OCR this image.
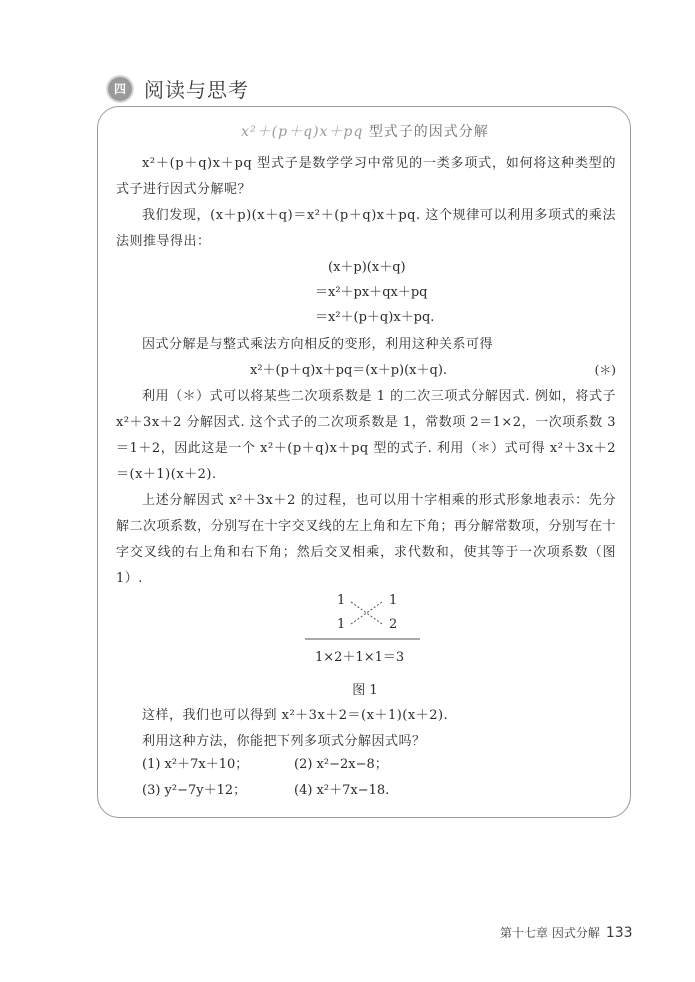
四 阅读与思考
x²＋(p＋q)x＋pq 型式子的因式分解
x²＋(p＋q)x＋pq 型式子是数学学习中常见的一类多项式，如何将这种类型的式子进行因式分解呢？
我们发现，(x＋p)(x＋q)＝x²＋(p＋q)x＋pq. 这个规律可以利用多项式的乘法法则推导得出：
(x＋p)(x＋q)
＝x²＋px＋qx＋pq
＝x²＋(p＋q)x＋pq.
因式分解是与整式乘法方向相反的变形，利用这种关系可得
x²＋(p＋q)x＋pq＝(x＋p)(x＋q).	(＊)
利用（＊）式可以将某些二次项系数是 1 的二次三项式分解因式. 例如，将式子 x²＋3x＋2 分解因式. 这个式子的二次项系数是 1，常数项 2＝1×2，一次项系数 3＝1＋2，因此这是一个 x²＋(p＋q)x＋pq 型的式子. 利用（＊）式可得 x²＋3x＋2＝(x＋1)(x＋2).
上述分解因式 x²＋3x＋2 的过程，也可以用十字相乘的形式形象地表示：先分解二次项系数，分别写在十字交叉线的左上角和左下角；再分解常数项，分别写在十字交叉线的右上角和右下角；然后交叉相乘，求代数和，使其等于一次项系数（图 1）.
1	1
1	2
1×2＋1×1＝3
图 1
这样，我们也可以得到 x²＋3x＋2＝(x＋1)(x＋2).
利用这种方法，你能把下列多项式分解因式吗？
(1) x²＋7x＋10；	(2) x²−2x−8；
(3) y²−7y＋12；	(4) x²＋7x−18.
第十七章 因式分解 133
